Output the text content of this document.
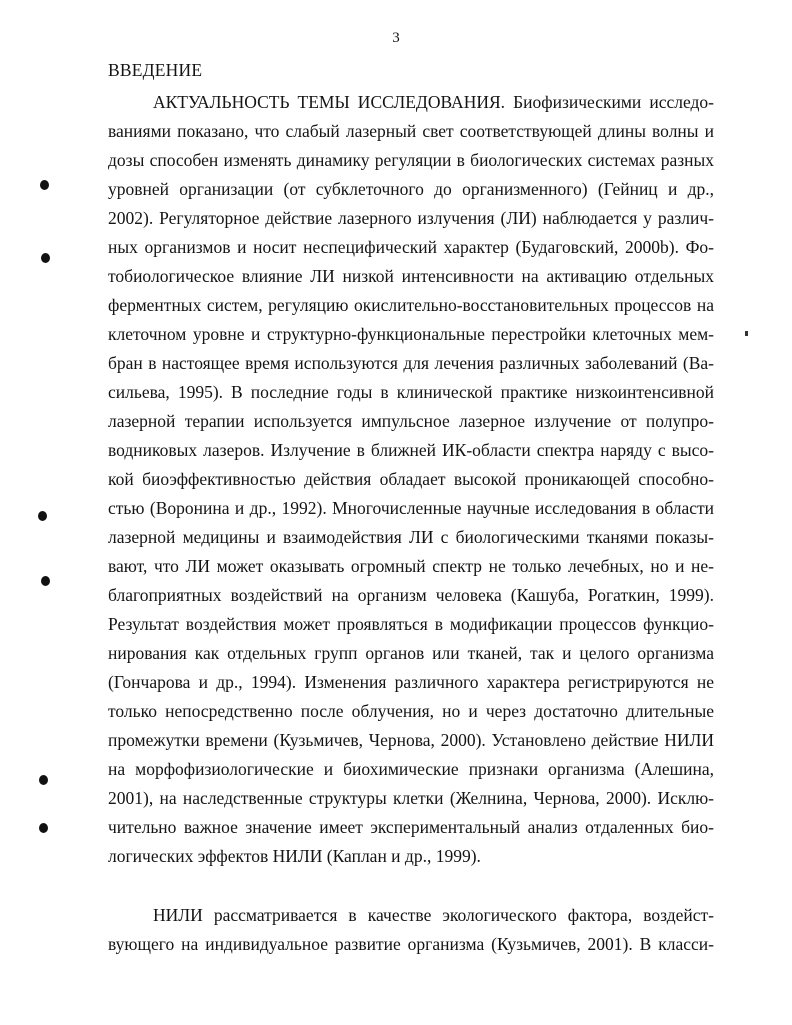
3
ВВЕДЕНИЕ
АКТУАЛЬНОСТЬ ТЕМЫ ИССЛЕДОВАНИЯ. Биофизическими исследо-
ваниями показано, что слабый лазерный свет соответствующей длины волны и
дозы способен изменять динамику регуляции в биологических системах разных
уровней организации (от субклеточного до организменного) (Гейниц и др.,
2002). Регуляторное действие лазерного излучения (ЛИ) наблюдается у различ-
ных организмов и носит неспецифический характер (Будаговский, 2000b). Фо-
тобиологическое влияние ЛИ низкой интенсивности на активацию отдельных
ферментных систем, регуляцию окислительно-восстановительных процессов на
клеточном уровне и структурно-функциональные перестройки клеточных мем-
бран в настоящее время используются для лечения различных заболеваний (Ва-
сильева, 1995). В последние годы в клинической практике низкоинтенсивной
лазерной терапии используется импульсное лазерное излучение от полупро-
водниковых лазеров. Излучение в ближней ИК-области спектра наряду с высо-
кой биоэффективностью действия обладает высокой проникающей способно-
стью (Воронина и др., 1992). Многочисленные научные исследования в области
лазерной медицины и взаимодействия ЛИ с биологическими тканями показы-
вают, что ЛИ может оказывать огромный спектр не только лечебных, но и не-
благоприятных воздействий на организм человека (Кашуба, Рогаткин, 1999).
Результат воздействия может проявляться в модификации процессов функцио-
нирования как отдельных групп органов или тканей, так и целого организма
(Гончарова и др., 1994). Изменения различного характера регистрируются не
только непосредственно после облучения, но и через достаточно длительные
промежутки времени (Кузьмичев, Чернова, 2000). Установлено действие НИЛИ
на морфофизиологические и биохимические признаки организма (Алешина,
2001), на наследственные структуры клетки (Желнина, Чернова, 2000). Исклю-
чительно важное значение имеет экспериментальный анализ отдаленных био-
логических эффектов НИЛИ (Каплан и др., 1999).
НИЛИ рассматривается в качестве экологического фактора, воздейст-
вующего на индивидуальное развитие организма (Кузьмичев, 2001). В класси-
